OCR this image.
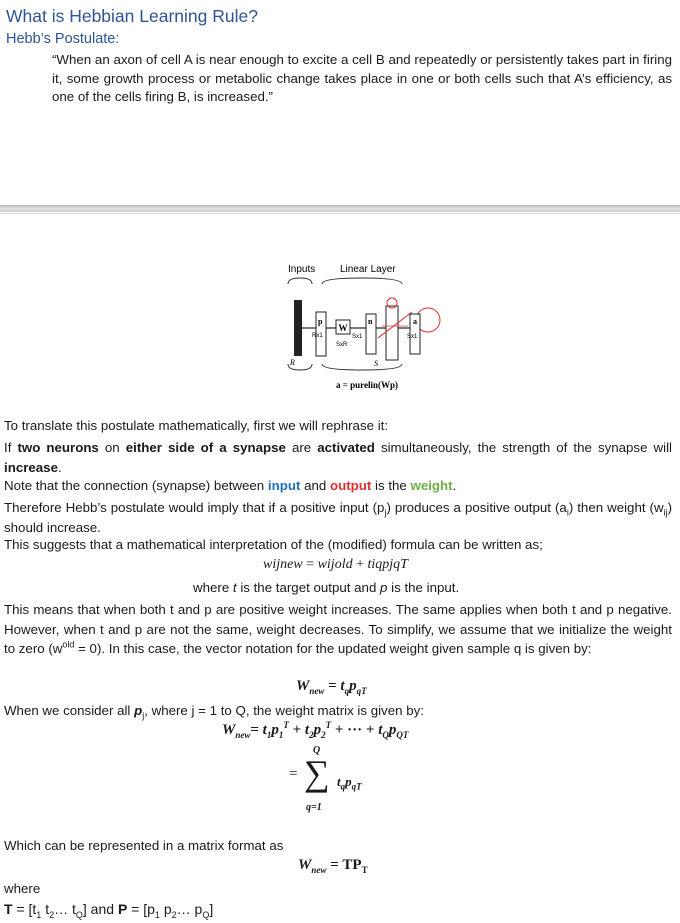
What is Hebbian Learning Rule?
Hebb’s Postulate:
“When an axon of cell A is near enough to excite a cell B and repeatedly or persistently takes part in firing it, some growth process or metabolic change takes place in one or both cells such that A’s efficiency, as one of the cells firing B, is increased.”
Inputs Linear Layer
p
Rx1
W
SxR
n
Sx1
a
Sx1
R	S
a = purelin(Wp)
To translate this postulate mathematically, first we will rephrase it:
If two neurons on either side of a synapse are activated simultaneously, the strength of the synapse will increase.
Note that the connection (synapse) between input and output is the weight.
Therefore Hebb’s postulate would imply that if a positive input $(p_j)$ produces a positive output $(a_i)$ then weight $(w_{ij})$ should increase.
This suggests that a mathematical interpretation of the (modified) formula can be written as;
wijnew = wijold + tiqpjqT
where t is the target output and p is the input.
This means that when both t and p are positive weight increases. The same applies when both t and p negative. However, when t and p are not the same, weight decreases. To simplify, we assume that we initialize the weight to zero $(w^{old} = 0)$. In this case, the vector notation for the updated weight given sample q is given by:
$W_{new} = t_qp_{qT}$
When we consider all $p_j$, where j = 1 to Q, the weight matrix is given by:
$W_{new}= t_1p_1^T + t_2p_2^T$ + ··· + $t_Qp_{QT}$
Q
= ∑ $t_qp_{qT}$
q=1
Which can be represented in a matrix format as
$W_{new} = TP_T$
where
$T = [t_1$ $t_2\dots$ $t_Q$] and $P = [p_1$ $p_2\dots$ $p_Q$]
